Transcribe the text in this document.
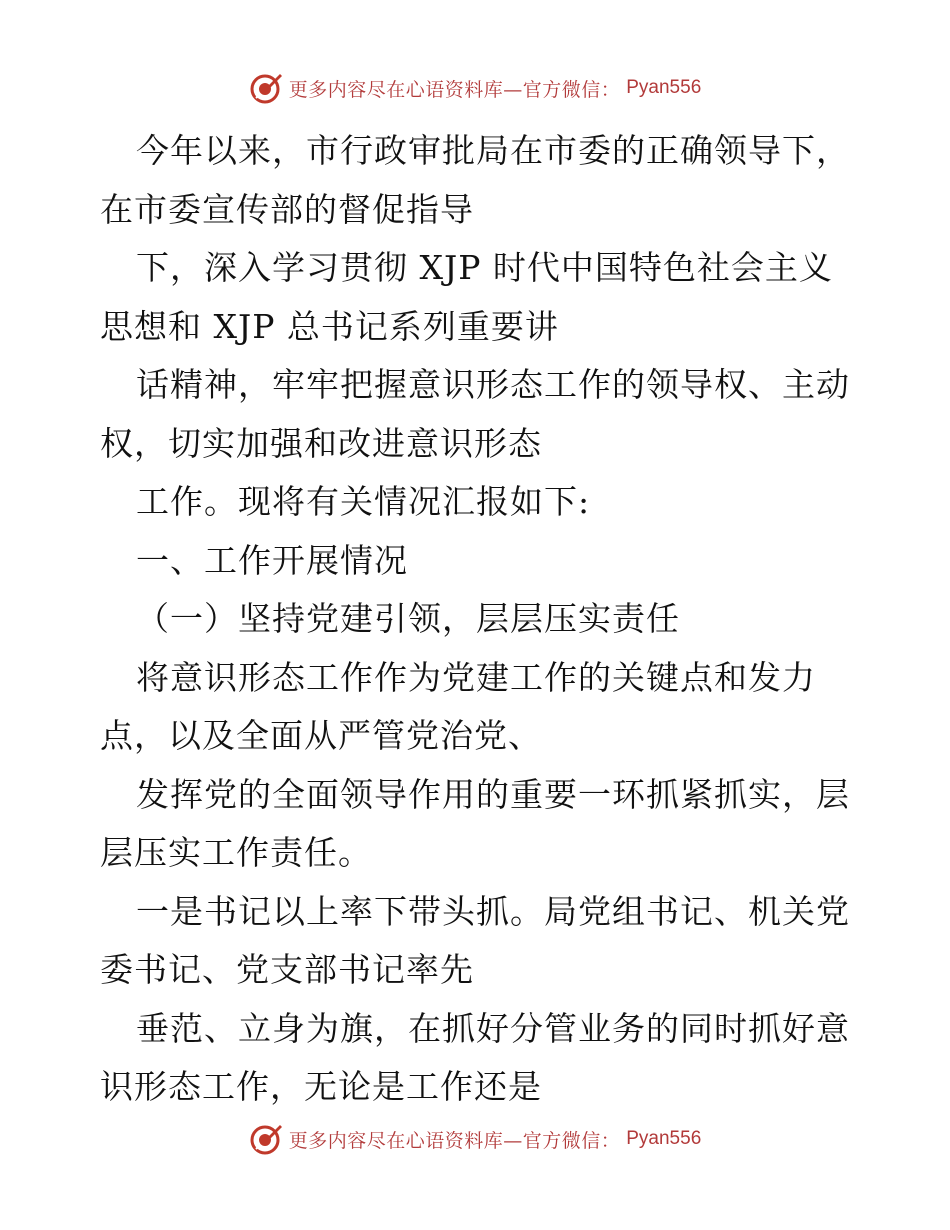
更多内容尽在心语资料库—官方微信： Pyan556
今年以来，市行政审批局在市委的正确领导下，
在市委宣传部的督促指导
下，深入学习贯彻 XJP 时代中国特色社会主义
思想和 XJP 总书记系列重要讲
话精神，牢牢把握意识形态工作的领导权、主动
权，切实加强和改进意识形态
工作。现将有关情况汇报如下:
一、工作开展情况
（一）坚持党建引领，层层压实责任
将意识形态工作作为党建工作的关键点和发力
点，以及全面从严管党治党、
发挥党的全面领导作用的重要一环抓紧抓实，层
层压实工作责任。
一是书记以上率下带头抓。局党组书记、机关党
委书记、党支部书记率先
垂范、立身为旗，在抓好分管业务的同时抓好意
识形态工作，无论是工作还是
更多内容尽在心语资料库—官方微信： Pyan556
